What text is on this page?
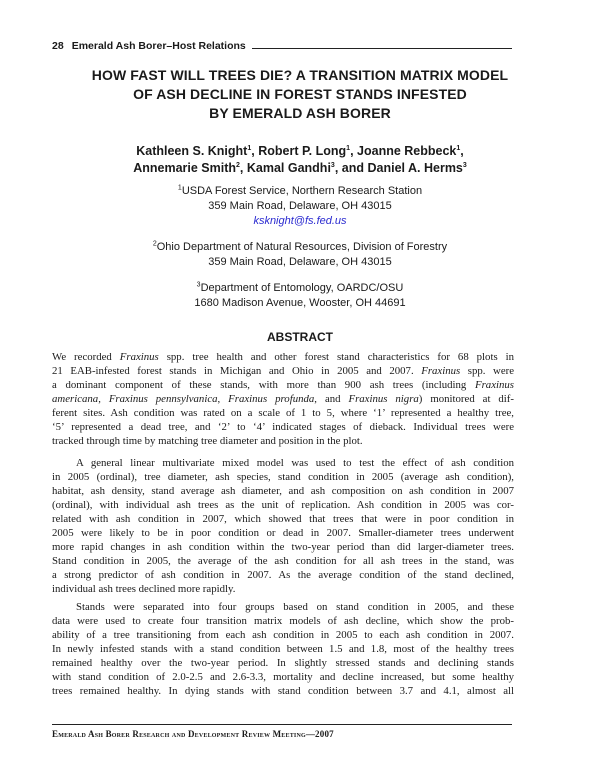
28 Emerald Ash Borer–Host Relations
HOW FAST WILL TREES DIE? A TRANSITION MATRIX MODEL
OF ASH DECLINE IN FOREST STANDS INFESTED
BY EMERALD ASH BORER
Kathleen S. Knight$^1$, Robert P. Long$^1$, Joanne Rebbeck$^1$,
Annemarie Smith$^2$, Kamal Gandhi$^3$, and Daniel A. Herms$^3$
$^1$USDA Forest Service, Northern Research Station
359 Main Road, Delaware, OH 43015
ksknight@fs.fed.us
$^2$Ohio Department of Natural Resources, Division of Forestry
359 Main Road, Delaware, OH 43015
$^3$Department of Entomology, OARDC/OSU
1680 Madison Avenue, Wooster, OH 44691
ABSTRACT
We recorded Fraxinus spp. tree health and other forest stand characteristics for 68 plots in
21 EAB-infested forest stands in Michigan and Ohio in 2005 and 2007. Fraxinus spp. were
a dominant component of these stands, with more than 900 ash trees (including Fraxinus
americana, Fraxinus pennsylvanica, Fraxinus profunda, and Fraxinus nigra) monitored at dif-
ferent sites. Ash condition was rated on a scale of 1 to 5, where ‘1’ represented a healthy tree,
‘5’ represented a dead tree, and ‘2’ to ‘4’ indicated stages of dieback. Individual trees were
tracked through time by matching tree diameter and position in the plot.
A general linear multivariate mixed model was used to test the effect of ash condition
in 2005 (ordinal), tree diameter, ash species, stand condition in 2005 (average ash condition),
habitat, ash density, stand average ash diameter, and ash composition on ash condition in 2007
(ordinal), with individual ash trees as the unit of replication. Ash condition in 2005 was cor-
related with ash condition in 2007, which showed that trees that were in poor condition in
2005 were likely to be in poor condition or dead in 2007. Smaller-diameter trees underwent
more rapid changes in ash condition within the two-year period than did larger-diameter trees.
Stand condition in 2005, the average of the ash condition for all ash trees in the stand, was
a strong predictor of ash condition in 2007. As the average condition of the stand declined,
individual ash trees declined more rapidly.
Stands were separated into four groups based on stand condition in 2005, and these
data were used to create four transition matrix models of ash decline, which show the prob-
ability of a tree transitioning from each ash condition in 2005 to each ash condition in 2007.
In newly infested stands with a stand condition between 1.5 and 1.8, most of the healthy trees
remained healthy over the two-year period. In slightly stressed stands and declining stands
with stand condition of 2.0-2.5 and 2.6-3.3, mortality and decline increased, but some healthy
trees remained healthy. In dying stands with stand condition between 3.7 and 4.1, almost all
Emerald Ash Borer Research and Development Review Meeting—2007
